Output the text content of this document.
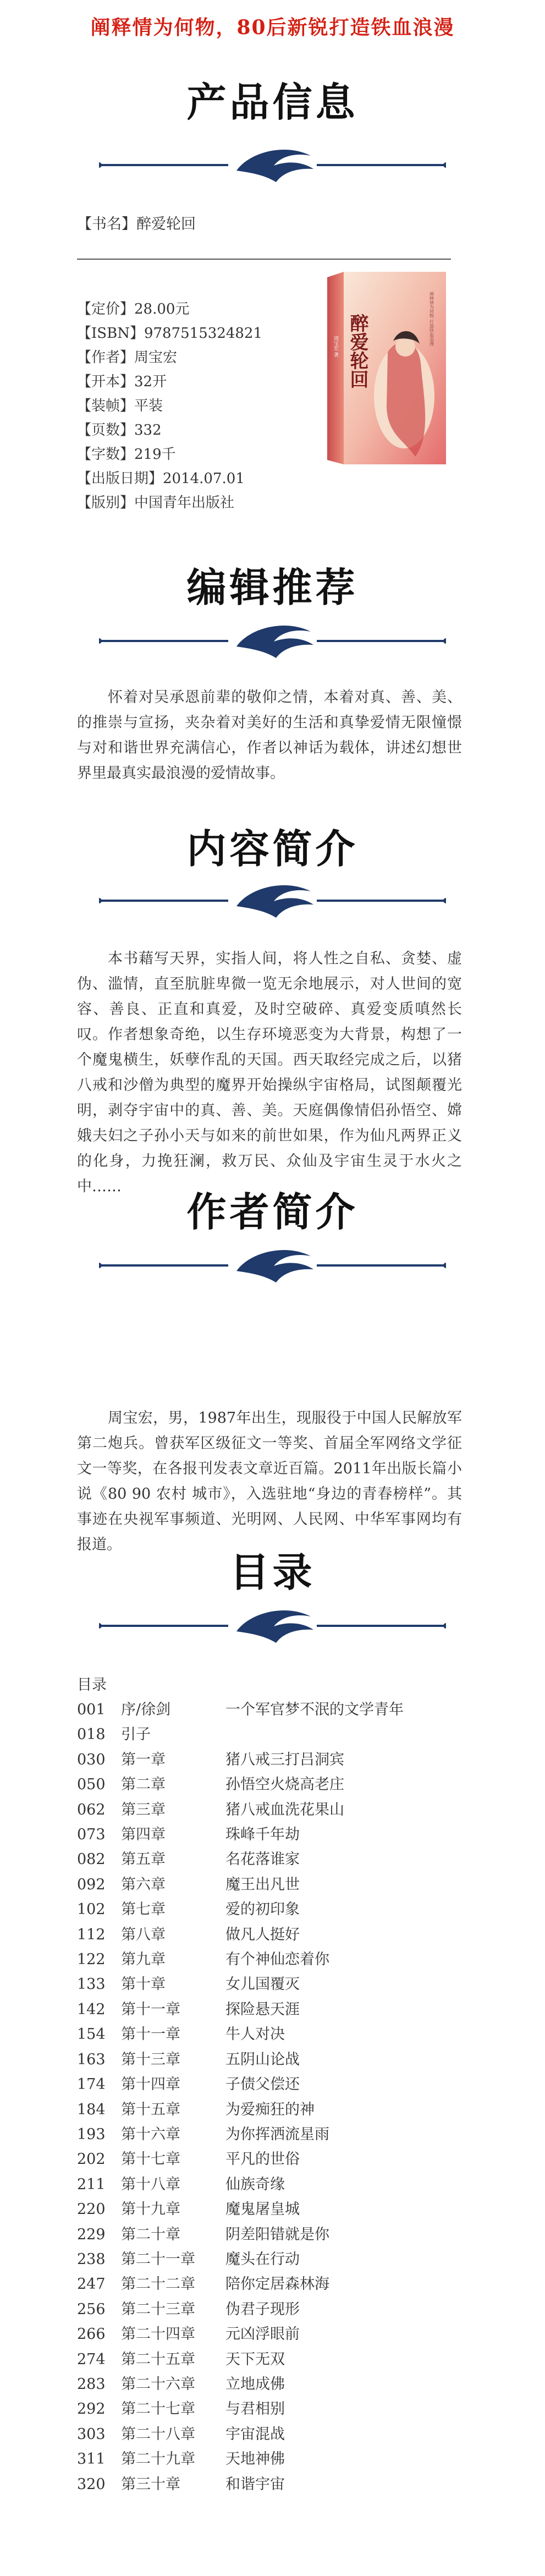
阐释情为何物，80后新锐打造铁血浪漫
产品信息
【书名】醉爱轮回
【定价】28.00元
【ISBN】9787515324821
【作者】周宝宏
【开本】32开
【装帧】平装
【页数】332
【字数】219千
【出版日期】2014.07.01
【版别】中国青年出版社
醉爱轮回
周宝宏 著
阐释情为何物 打造铁血浪漫
编辑推荐
怀着对吴承恩前辈的敬仰之情，本着对真、善、美、的推崇与宣扬，夹杂着对美好的生活和真挚爱情无限憧憬与对和谐世界充满信心，作者以神话为载体，讲述幻想世界里最真实最浪漫的爱情故事。
内容简介
本书藉写天界，实指人间，将人性之自私、贪婪、虚伪、滥情，直至肮脏卑微一览无余地展示，对人世间的宽容、善良、正直和真爱，及时空破碎、真爱变质嗔然长叹。作者想象奇绝，以生存环境恶变为大背景，构想了一个魔鬼横生，妖孽作乱的天国。西天取经完成之后，以猪八戒和沙僧为典型的魔界开始操纵宇宙格局，试图颠覆光明，剥夺宇宙中的真、善、美。天庭偶像情侣孙悟空、嫦娥夫妇之子孙小天与如来的前世如果，作为仙凡两界正义的化身，力挽狂澜，救万民、众仙及宇宙生灵于水火之中……
作者简介
周宝宏，男，1987年出生，现服役于中国人民解放军第二炮兵。曾获军区级征文一等奖、首届全军网络文学征文一等奖，在各报刊发表文章近百篇。2011年出版长篇小说《80 90 农村 城市》，入选驻地“身边的青春榜样”。其事迹在央视军事频道、光明网、人民网、中华军事网均有报道。
目录
目录
001	序/徐剑	一个军官梦不泯的文学青年
018	引子
030	第一章	猪八戒三打吕洞宾
050	第二章	孙悟空火烧高老庄
062	第三章	猪八戒血洗花果山
073	第四章	珠峰千年劫
082	第五章	名花落谁家
092	第六章	魔王出凡世
102	第七章	爱的初印象
112	第八章	做凡人挺好
122	第九章	有个神仙恋着你
133	第十章	女儿国覆灭
142	第十一章	探险悬天涯
154	第十一章	牛人对决
163	第十三章	五阴山论战
174	第十四章	子债父偿还
184	第十五章	为爱痴狂的神
193	第十六章	为你挥洒流星雨
202	第十七章	平凡的世俗
211	第十八章	仙族奇缘
220	第十九章	魔鬼屠皇城
229	第二十章	阴差阳错就是你
238	第二十一章	魔头在行动
247	第二十二章	陪你定居森林海
256	第二十三章	伪君子现形
266	第二十四章	元凶浮眼前
274	第二十五章	天下无双
283	第二十六章	立地成佛
292	第二十七章	与君相别
303	第二十八章	宇宙混战
311	第二十九章	天地神佛
320	第三十章	和谐宇宙
